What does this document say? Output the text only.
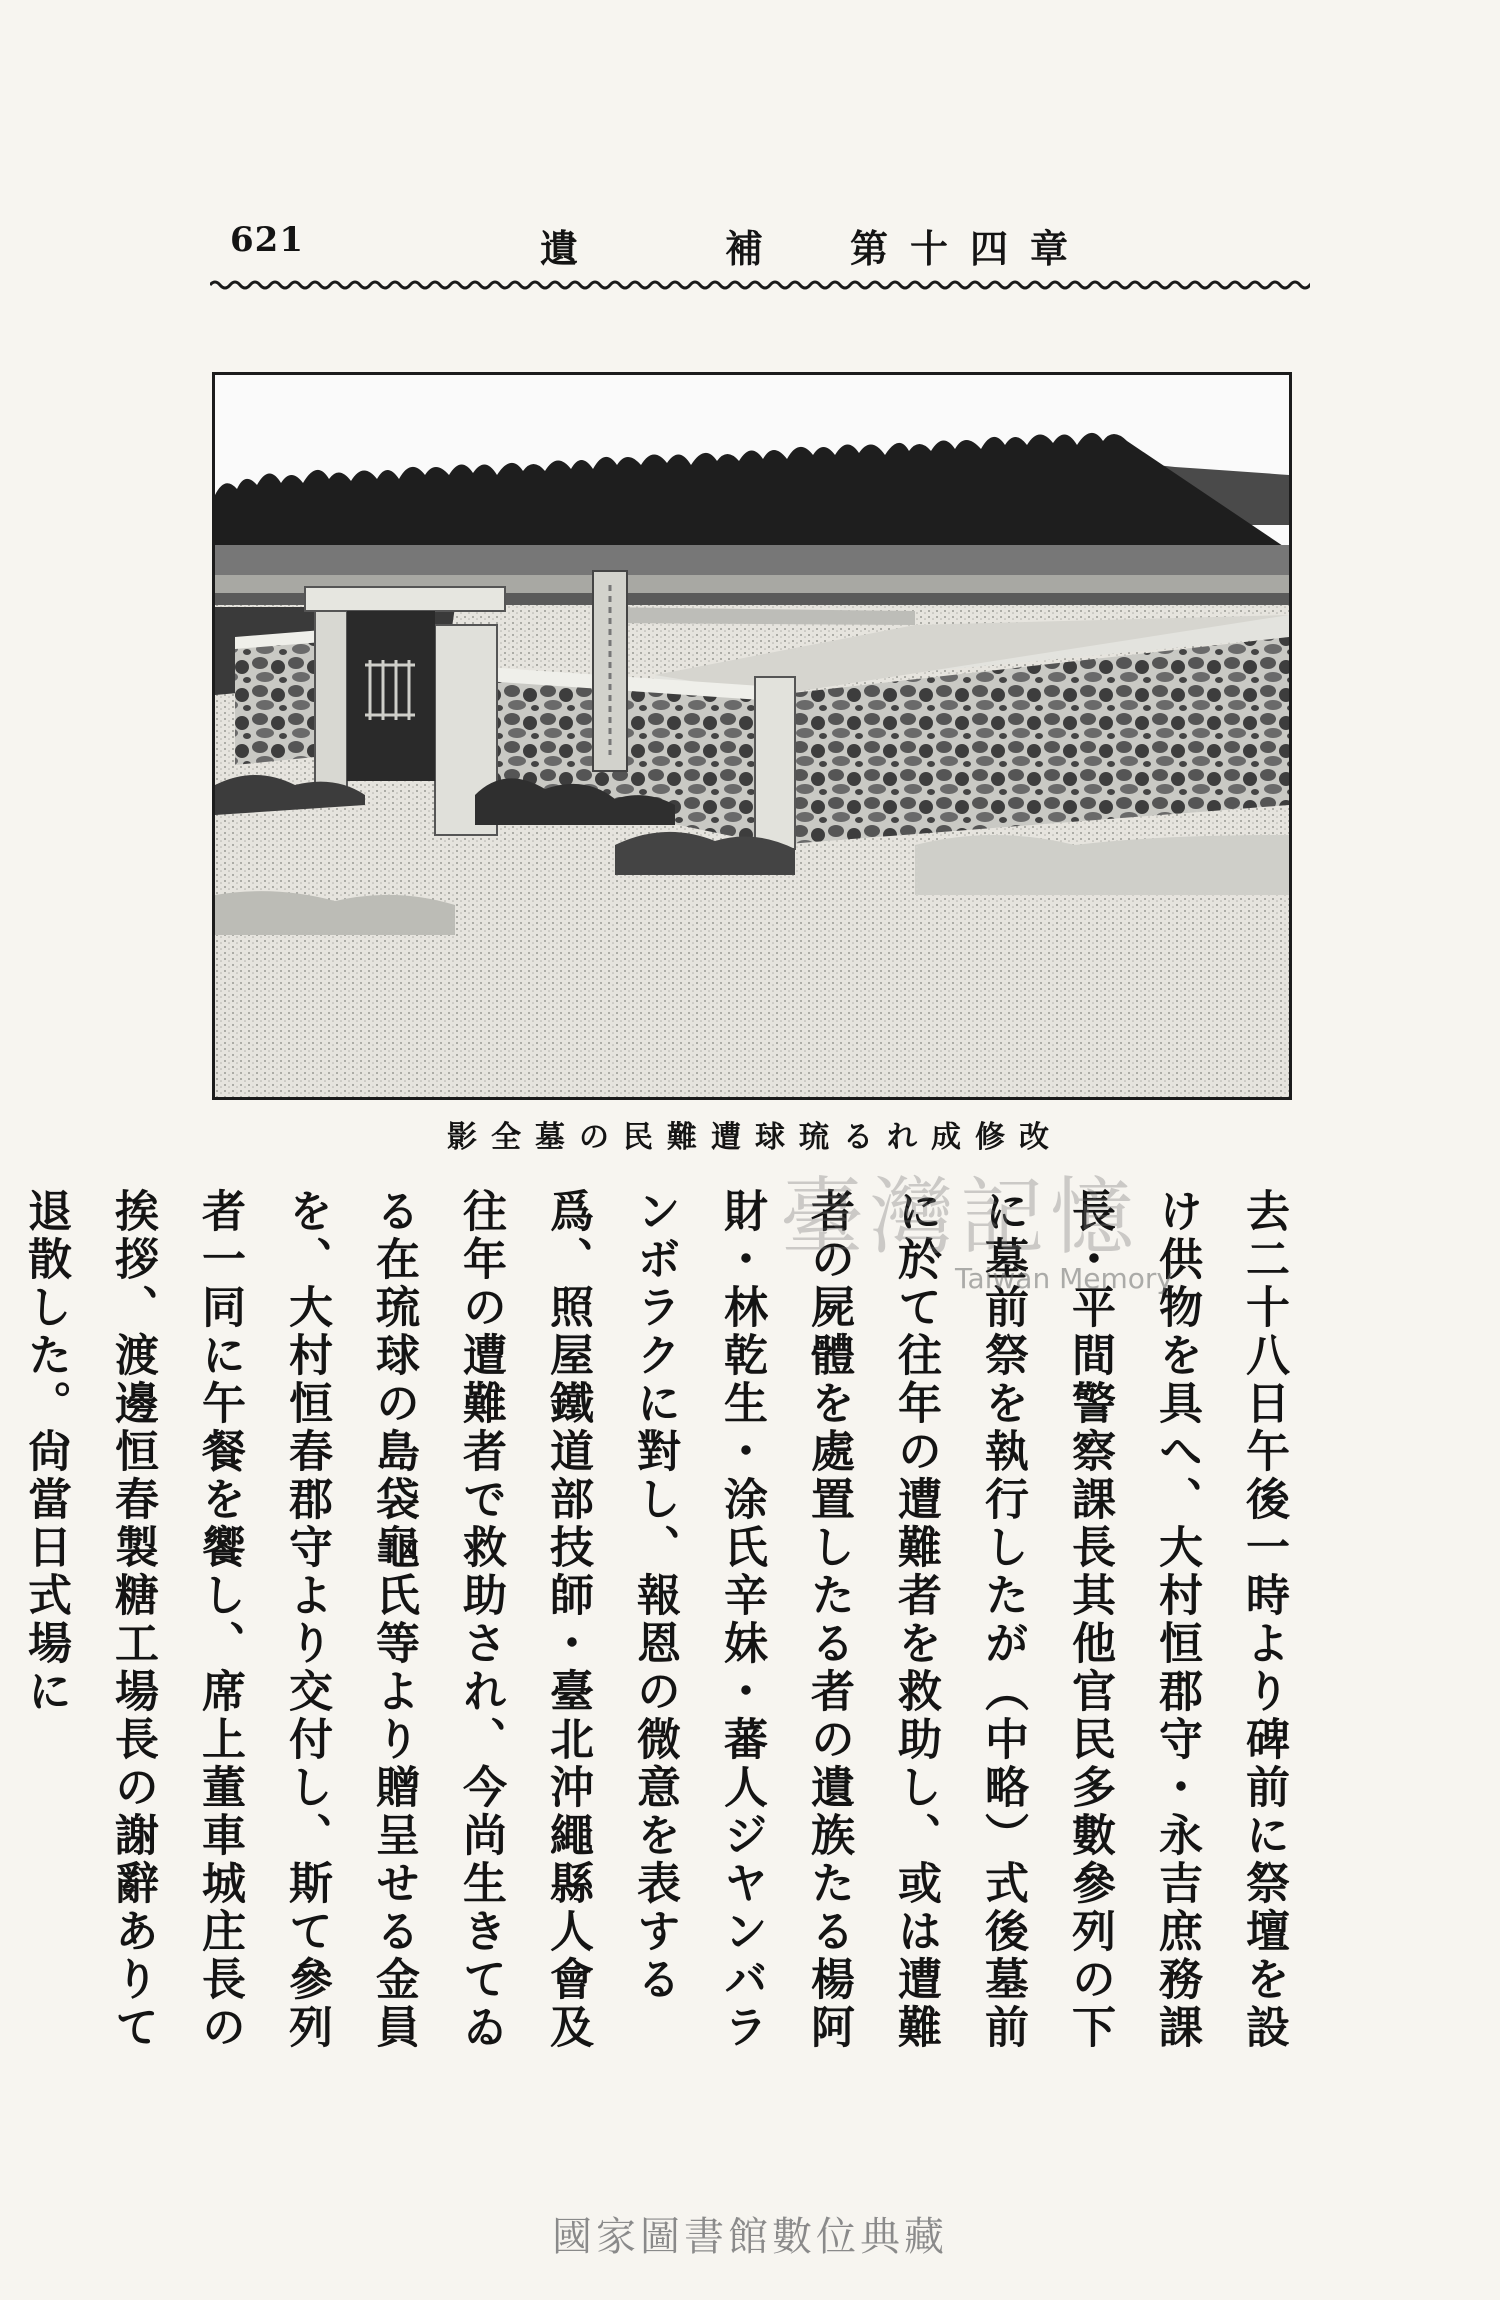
621	遺	補 第十四章
改修成れる琉球遭難民の墓全影

去二十八日午後一時より碑前に祭壇を設け供物を具へ、大村恒郡守・永吉庶務課長・平間警察課長其他官民多數參列の下に墓前祭を執行したが（中略）式後墓前に於て往年の遭難者を救助し、或は遭難者の屍體を處置したる者の遺族たる楊阿財・林乾生・涂氏辛妹・蕃人ジヤンバランボラクに對し、報恩の微意を表する爲、照屋鐵道部技師・臺北沖繩縣人會及往年の遭難者で救助され、今尚生きてゐる在琉球の島袋龜氏等より贈呈せる金員を、大村恒春郡守より交付し、斯て參列者一同に午餐を饗し、席上董車城庄長の挨拶、渡邊恒春製糖工場長の謝辭ありて退散した。尙當日式場に	臺灣記憶
Taiwan Memory
國家圖書館數位典藏
